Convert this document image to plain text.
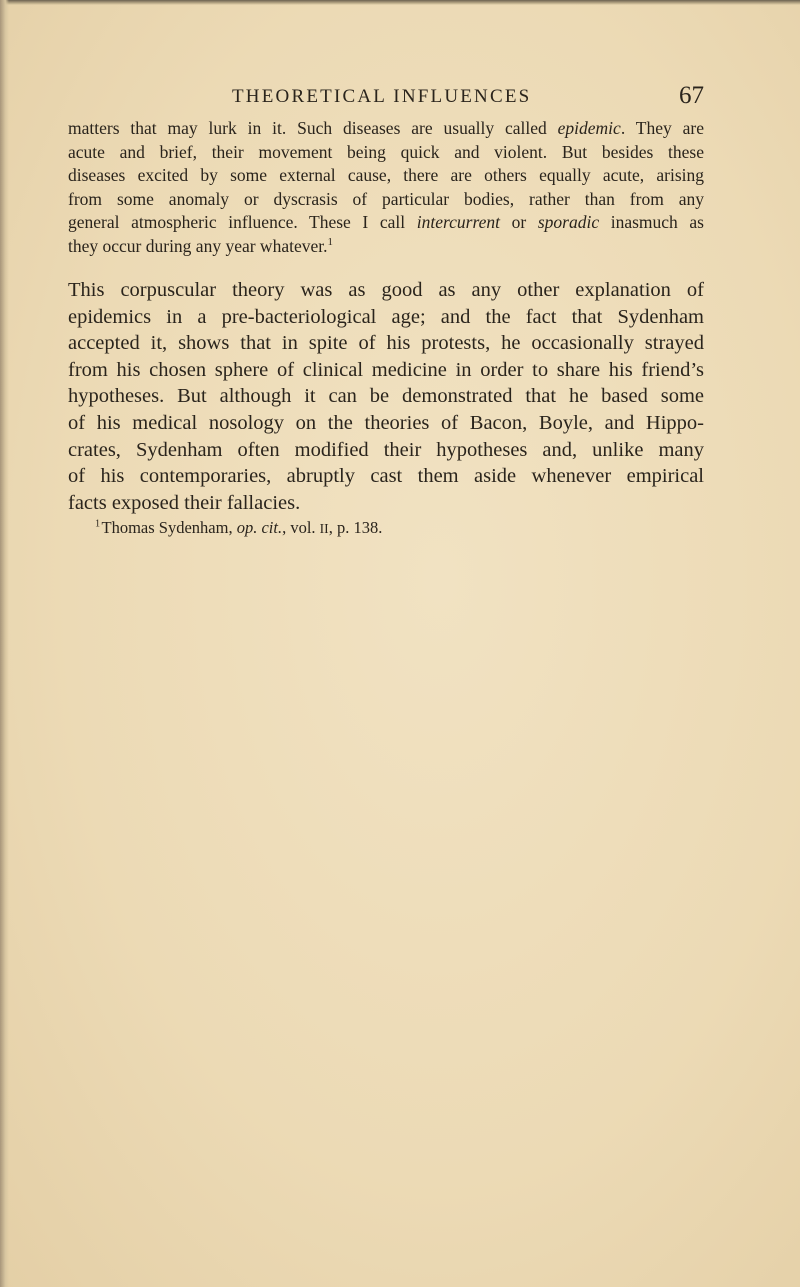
THEORETICAL INFLUENCES	67
matters that may lurk in it. Such diseases are usually called epidemic. They are
acute and brief, their movement being quick and violent. But besides these
diseases excited by some external cause, there are others equally acute, arising
from some anomaly or dyscrasis of particular bodies, rather than from any
general atmospheric influence. These I call intercurrent or sporadic inasmuch as
they occur during any year whatever.$^1$
This corpuscular theory was as good as any other explanation of
epidemics in a pre-bacteriological age; and the fact that Sydenham
accepted it, shows that in spite of his protests, he occasionally strayed
from his chosen sphere of clinical medicine in order to share his friend’s
hypotheses. But although it can be demonstrated that he based some
of his medical nosology on the theories of Bacon, Boyle, and Hippo-
crates, Sydenham often modified their hypotheses and, unlike many
of his contemporaries, abruptly cast them aside whenever empirical
facts exposed their fallacies.
$^1$ Thomas Sydenham, op. cit., vol. II, p. 138.
